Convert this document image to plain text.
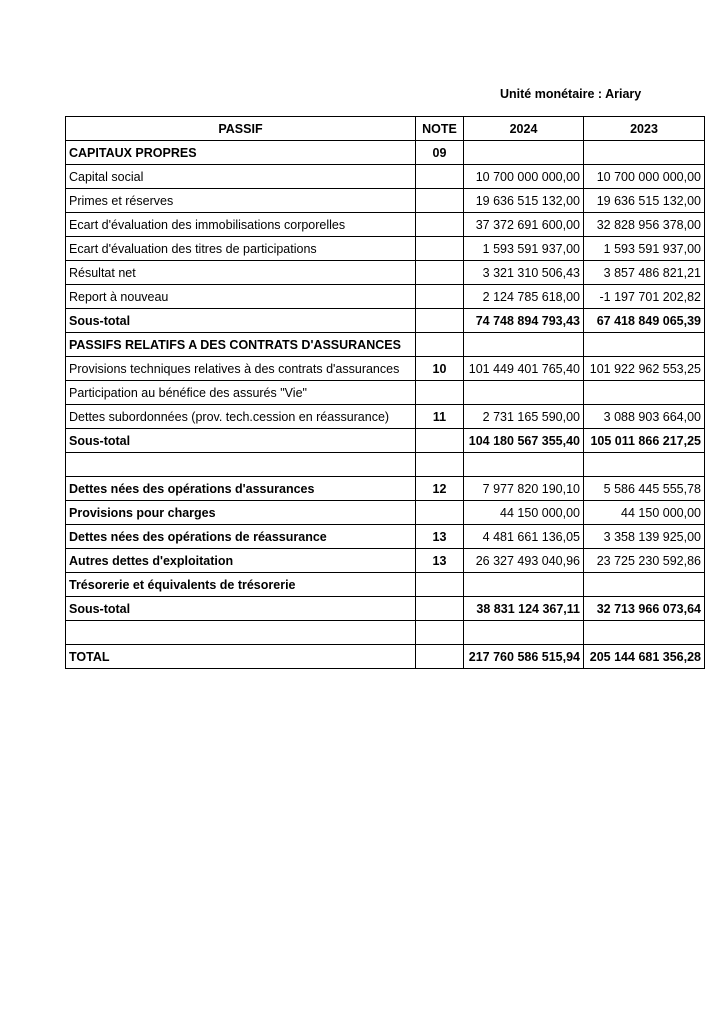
Unité monétaire : Ariary
PASSIF	NOTE	2024	2023
CAPITAUX PROPRES	09		
Capital social		10 700 000 000,00	10 700 000 000,00
Primes et réserves		19 636 515 132,00	19 636 515 132,00
Ecart d'évaluation des immobilisations corporelles		37 372 691 600,00	32 828 956 378,00
Ecart d'évaluation des titres de participations		1 593 591 937,00	1 593 591 937,00
Résultat net		3 321 310 506,43	3 857 486 821,21
Report à nouveau		2 124 785 618,00	-1 197 701 202,82
Sous-total		74 748 894 793,43	67 418 849 065,39
PASSIFS RELATIFS A DES CONTRATS D'ASSURANCES			
Provisions techniques relatives à des contrats d'assurances	10	101 449 401 765,40	101 922 962 553,25
Participation au bénéfice des assurés "Vie"			
Dettes subordonnées (prov. tech.cession en réassurance)	11	2 731 165 590,00	3 088 903 664,00
Sous-total		104 180 567 355,40	105 011 866 217,25

Dettes nées des opérations d'assurances	12	7 977 820 190,10	5 586 445 555,78
Provisions pour charges		44 150 000,00	44 150 000,00
Dettes nées des opérations de réassurance	13	4 481 661 136,05	3 358 139 925,00
Autres dettes d'exploitation	13	26 327 493 040,96	23 725 230 592,86
Trésorerie et équivalents de trésorerie			
Sous-total		38 831 124 367,11	32 713 966 073,64

TOTAL		217 760 586 515,94	205 144 681 356,28
